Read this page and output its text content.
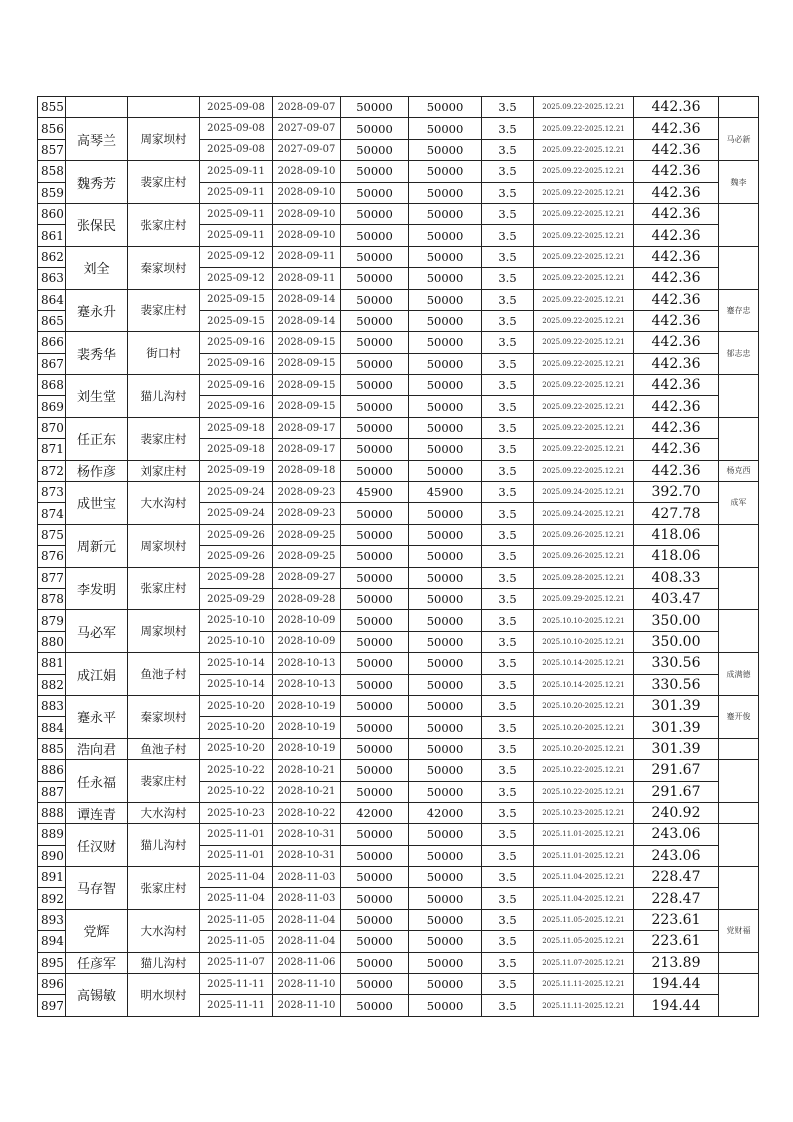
855			2025-09-08	2028-09-07	50000	50000	3.5	2025.09.22-2025.12.21	442.36	
856	高琴兰	周家坝村	2025-09-08	2027-09-07	50000	50000	3.5	2025.09.22-2025.12.21	442.36	马必新
857			2025-09-08	2027-09-07	50000	50000	3.5	2025.09.22-2025.12.21	442.36	
858	魏秀芳	裴家庄村	2025-09-11	2028-09-10	50000	50000	3.5	2025.09.22-2025.12.21	442.36	魏李
859			2025-09-11	2028-09-10	50000	50000	3.5	2025.09.22-2025.12.21	442.36	
860	张保民	张家庄村	2025-09-11	2028-09-10	50000	50000	3.5	2025.09.22-2025.12.21	442.36	
861			2025-09-11	2028-09-10	50000	50000	3.5	2025.09.22-2025.12.21	442.36	
862	刘全	秦家坝村	2025-09-12	2028-09-11	50000	50000	3.5	2025.09.22-2025.12.21	442.36	
863			2025-09-12	2028-09-11	50000	50000	3.5	2025.09.22-2025.12.21	442.36	
864	蹇永升	裴家庄村	2025-09-15	2028-09-14	50000	50000	3.5	2025.09.22-2025.12.21	442.36	蹇存忠
865			2025-09-15	2028-09-14	50000	50000	3.5	2025.09.22-2025.12.21	442.36	
866	裴秀华	街口村	2025-09-16	2028-09-15	50000	50000	3.5	2025.09.22-2025.12.21	442.36	郁志忠
867			2025-09-16	2028-09-15	50000	50000	3.5	2025.09.22-2025.12.21	442.36	
868	刘生堂	猫儿沟村	2025-09-16	2028-09-15	50000	50000	3.5	2025.09.22-2025.12.21	442.36	
869			2025-09-16	2028-09-15	50000	50000	3.5	2025.09.22-2025.12.21	442.36	
870	任正东	裴家庄村	2025-09-18	2028-09-17	50000	50000	3.5	2025.09.22-2025.12.21	442.36	
871			2025-09-18	2028-09-17	50000	50000	3.5	2025.09.22-2025.12.21	442.36	
872	杨作彦	刘家庄村	2025-09-19	2028-09-18	50000	50000	3.5	2025.09.22-2025.12.21	442.36	杨克西
873	成世宝	大水沟村	2025-09-24	2028-09-23	45900	45900	3.5	2025.09.24-2025.12.21	392.70	成军
874			2025-09-24	2028-09-23	50000	50000	3.5	2025.09.24-2025.12.21	427.78	
875	周新元	周家坝村	2025-09-26	2028-09-25	50000	50000	3.5	2025.09.26-2025.12.21	418.06	
876			2025-09-26	2028-09-25	50000	50000	3.5	2025.09.26-2025.12.21	418.06	
877	李发明	张家庄村	2025-09-28	2028-09-27	50000	50000	3.5	2025.09.28-2025.12.21	408.33	
878			2025-09-29	2028-09-28	50000	50000	3.5	2025.09.29-2025.12.21	403.47	
879	马必军	周家坝村	2025-10-10	2028-10-09	50000	50000	3.5	2025.10.10-2025.12.21	350.00	
880			2025-10-10	2028-10-09	50000	50000	3.5	2025.10.10-2025.12.21	350.00	
881	成江娟	鱼池子村	2025-10-14	2028-10-13	50000	50000	3.5	2025.10.14-2025.12.21	330.56	成满德
882			2025-10-14	2028-10-13	50000	50000	3.5	2025.10.14-2025.12.21	330.56	
883	蹇永平	秦家坝村	2025-10-20	2028-10-19	50000	50000	3.5	2025.10.20-2025.12.21	301.39	蹇开俊
884			2025-10-20	2028-10-19	50000	50000	3.5	2025.10.20-2025.12.21	301.39	
885	浩向君	鱼池子村	2025-10-20	2028-10-19	50000	50000	3.5	2025.10.20-2025.12.21	301.39	
886	任永福	裴家庄村	2025-10-22	2028-10-21	50000	50000	3.5	2025.10.22-2025.12.21	291.67	
887			2025-10-22	2028-10-21	50000	50000	3.5	2025.10.22-2025.12.21	291.67	
888	谭连青	大水沟村	2025-10-23	2028-10-22	42000	42000	3.5	2025.10.23-2025.12.21	240.92	
889	任汉财	猫儿沟村	2025-11-01	2028-10-31	50000	50000	3.5	2025.11.01-2025.12.21	243.06	
890			2025-11-01	2028-10-31	50000	50000	3.5	2025.11.01-2025.12.21	243.06	
891	马存智	张家庄村	2025-11-04	2028-11-03	50000	50000	3.5	2025.11.04-2025.12.21	228.47	
892			2025-11-04	2028-11-03	50000	50000	3.5	2025.11.04-2025.12.21	228.47	
893	党辉	大水沟村	2025-11-05	2028-11-04	50000	50000	3.5	2025.11.05-2025.12.21	223.61	党财福
894			2025-11-05	2028-11-04	50000	50000	3.5	2025.11.05-2025.12.21	223.61	
895	任彦军	猫儿沟村	2025-11-07	2028-11-06	50000	50000	3.5	2025.11.07-2025.12.21	213.89	
896	高锡敏	明水坝村	2025-11-11	2028-11-10	50000	50000	3.5	2025.11.11-2025.12.21	194.44	
897			2025-11-11	2028-11-10	50000	50000	3.5	2025.11.11-2025.12.21	194.44	
